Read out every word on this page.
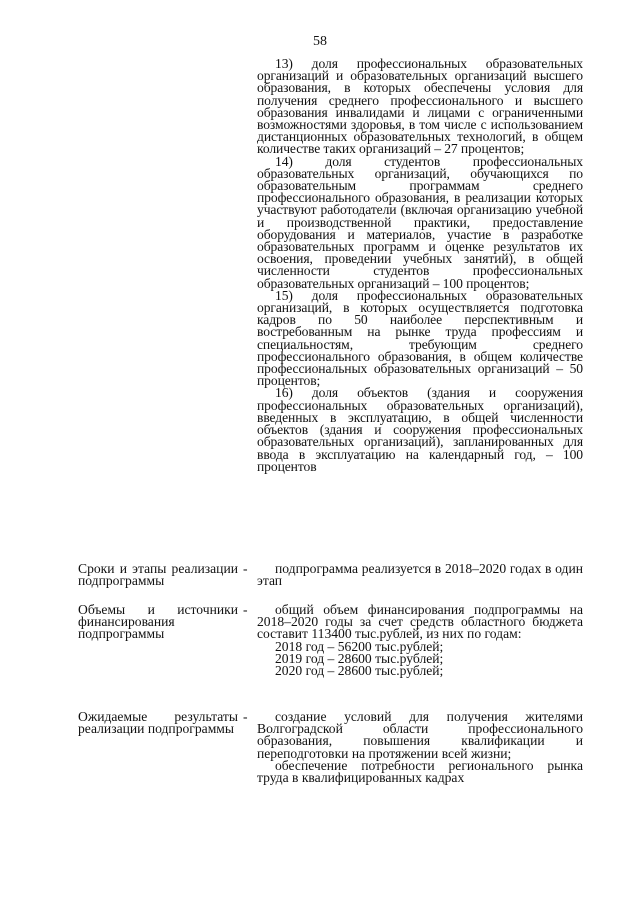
58

13) доля профессиональных образовательных организаций и образовательных организаций высшего образования, в которых обеспечены условия для получения среднего профессионального и высшего образования инвалидами и лицами с ограниченными возможностями здоровья, в том числе с использованием дистанционных образовательных технологий, в общем количестве таких организаций – 27 процентов;

14) доля студентов профессиональных образовательных организаций, обучающихся по образовательным программам среднего профессионального образования, в реализации которых участвуют работодатели (включая организацию учебной и производственной практики, предоставление оборудования и материалов, участие в разработке образовательных программ и оценке результатов их освоения, проведении учебных занятий), в общей численности студентов профессиональных образовательных организаций – 100 процентов;

15) доля профессиональных образовательных организаций, в которых осуществляется подготовка кадров по 50 наиболее перспективным и востребованным на рынке труда профессиям и специальностям, требующим среднего профессионального образования, в общем количестве профессиональных образовательных организаций – 50 процентов;

16) доля объектов (здания и сооружения профессиональных образовательных организаций), введенных в эксплуатацию, в общей численности объектов (здания и сооружения профессиональных образовательных организаций), запланированных для ввода в эксплуатацию на календарный год, – 100 процентов

Сроки и этапы реализации подпрограммы
-	подпрограмма реализуется в 2018–2020 годах в один этап

Объемы и источники финансирования подпрограммы
-	общий объем финансирования подпрограммы на 2018–2020 годы за счет средств областного бюджета составит 113400 тыс.рублей, из них по годам:

2018 год – 56200 тыс.рублей;

2019 год – 28600 тыс.рублей;

2020 год – 28600 тыс.рублей;

Ожидаемые результаты реализации подпрограммы
-	создание условий для получения жителями Волгоградской области профессионального образования, повышения квалификации и переподготовки на протяжении всей жизни;

обеспечение потребности регионального рынка труда в квалифицированных кадрах
